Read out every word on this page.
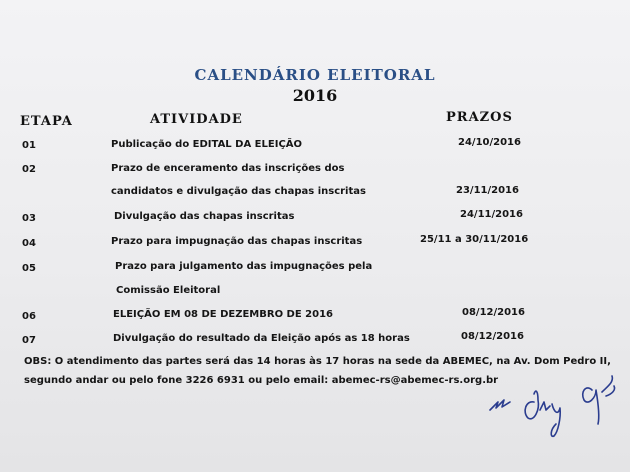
CALENDÁRIO ELEITORAL
2016
ETAPA	ATIVIDADE	PRAZOS
01	Publicação do EDITAL DA ELEIÇÃO	24/10/2016
02	Prazo de enceramento das inscrições dos
candidatos e divulgação das chapas inscritas	23/11/2016
03	Divulgação das chapas inscritas	24/11/2016
04	Prazo para impugnação das chapas inscritas	25/11 a 30/11/2016
05	Prazo para julgamento das impugnações pela
Comissão Eleitoral
06	ELEIÇÃO EM 08 DE DEZEMBRO DE 2016	08/12/2016
07	Divulgação do resultado da Eleição após as 18 horas	08/12/2016
OBS: O atendimento das partes será das 14 horas às 17 horas na sede da ABEMEC, na Av. Dom Pedro II,
segundo andar ou pelo fone 3226 6931 ou pelo email: abemec-rs@abemec-rs.org.br
